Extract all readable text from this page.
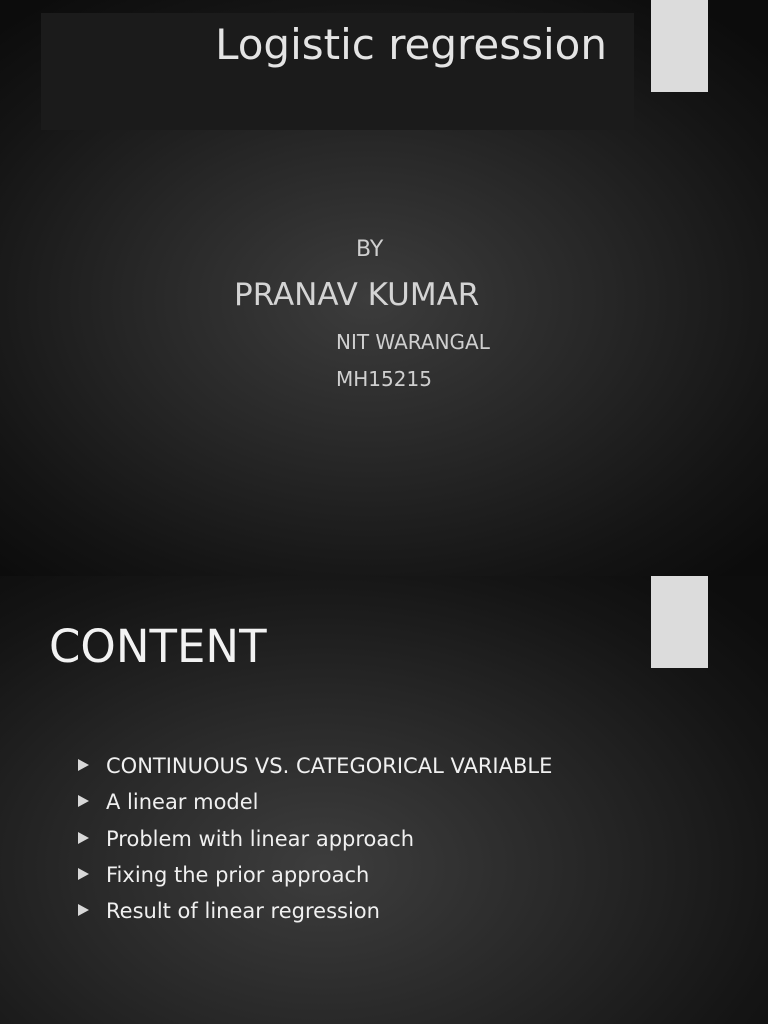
Logistic regression
BY
PRANAV KUMAR
NIT WARANGAL
MH15215
CONTENT
CONTINUOUS VS. CATEGORICAL VARIABLE
A linear model
Problem with linear approach
Fixing the prior approach
Result of linear regression
